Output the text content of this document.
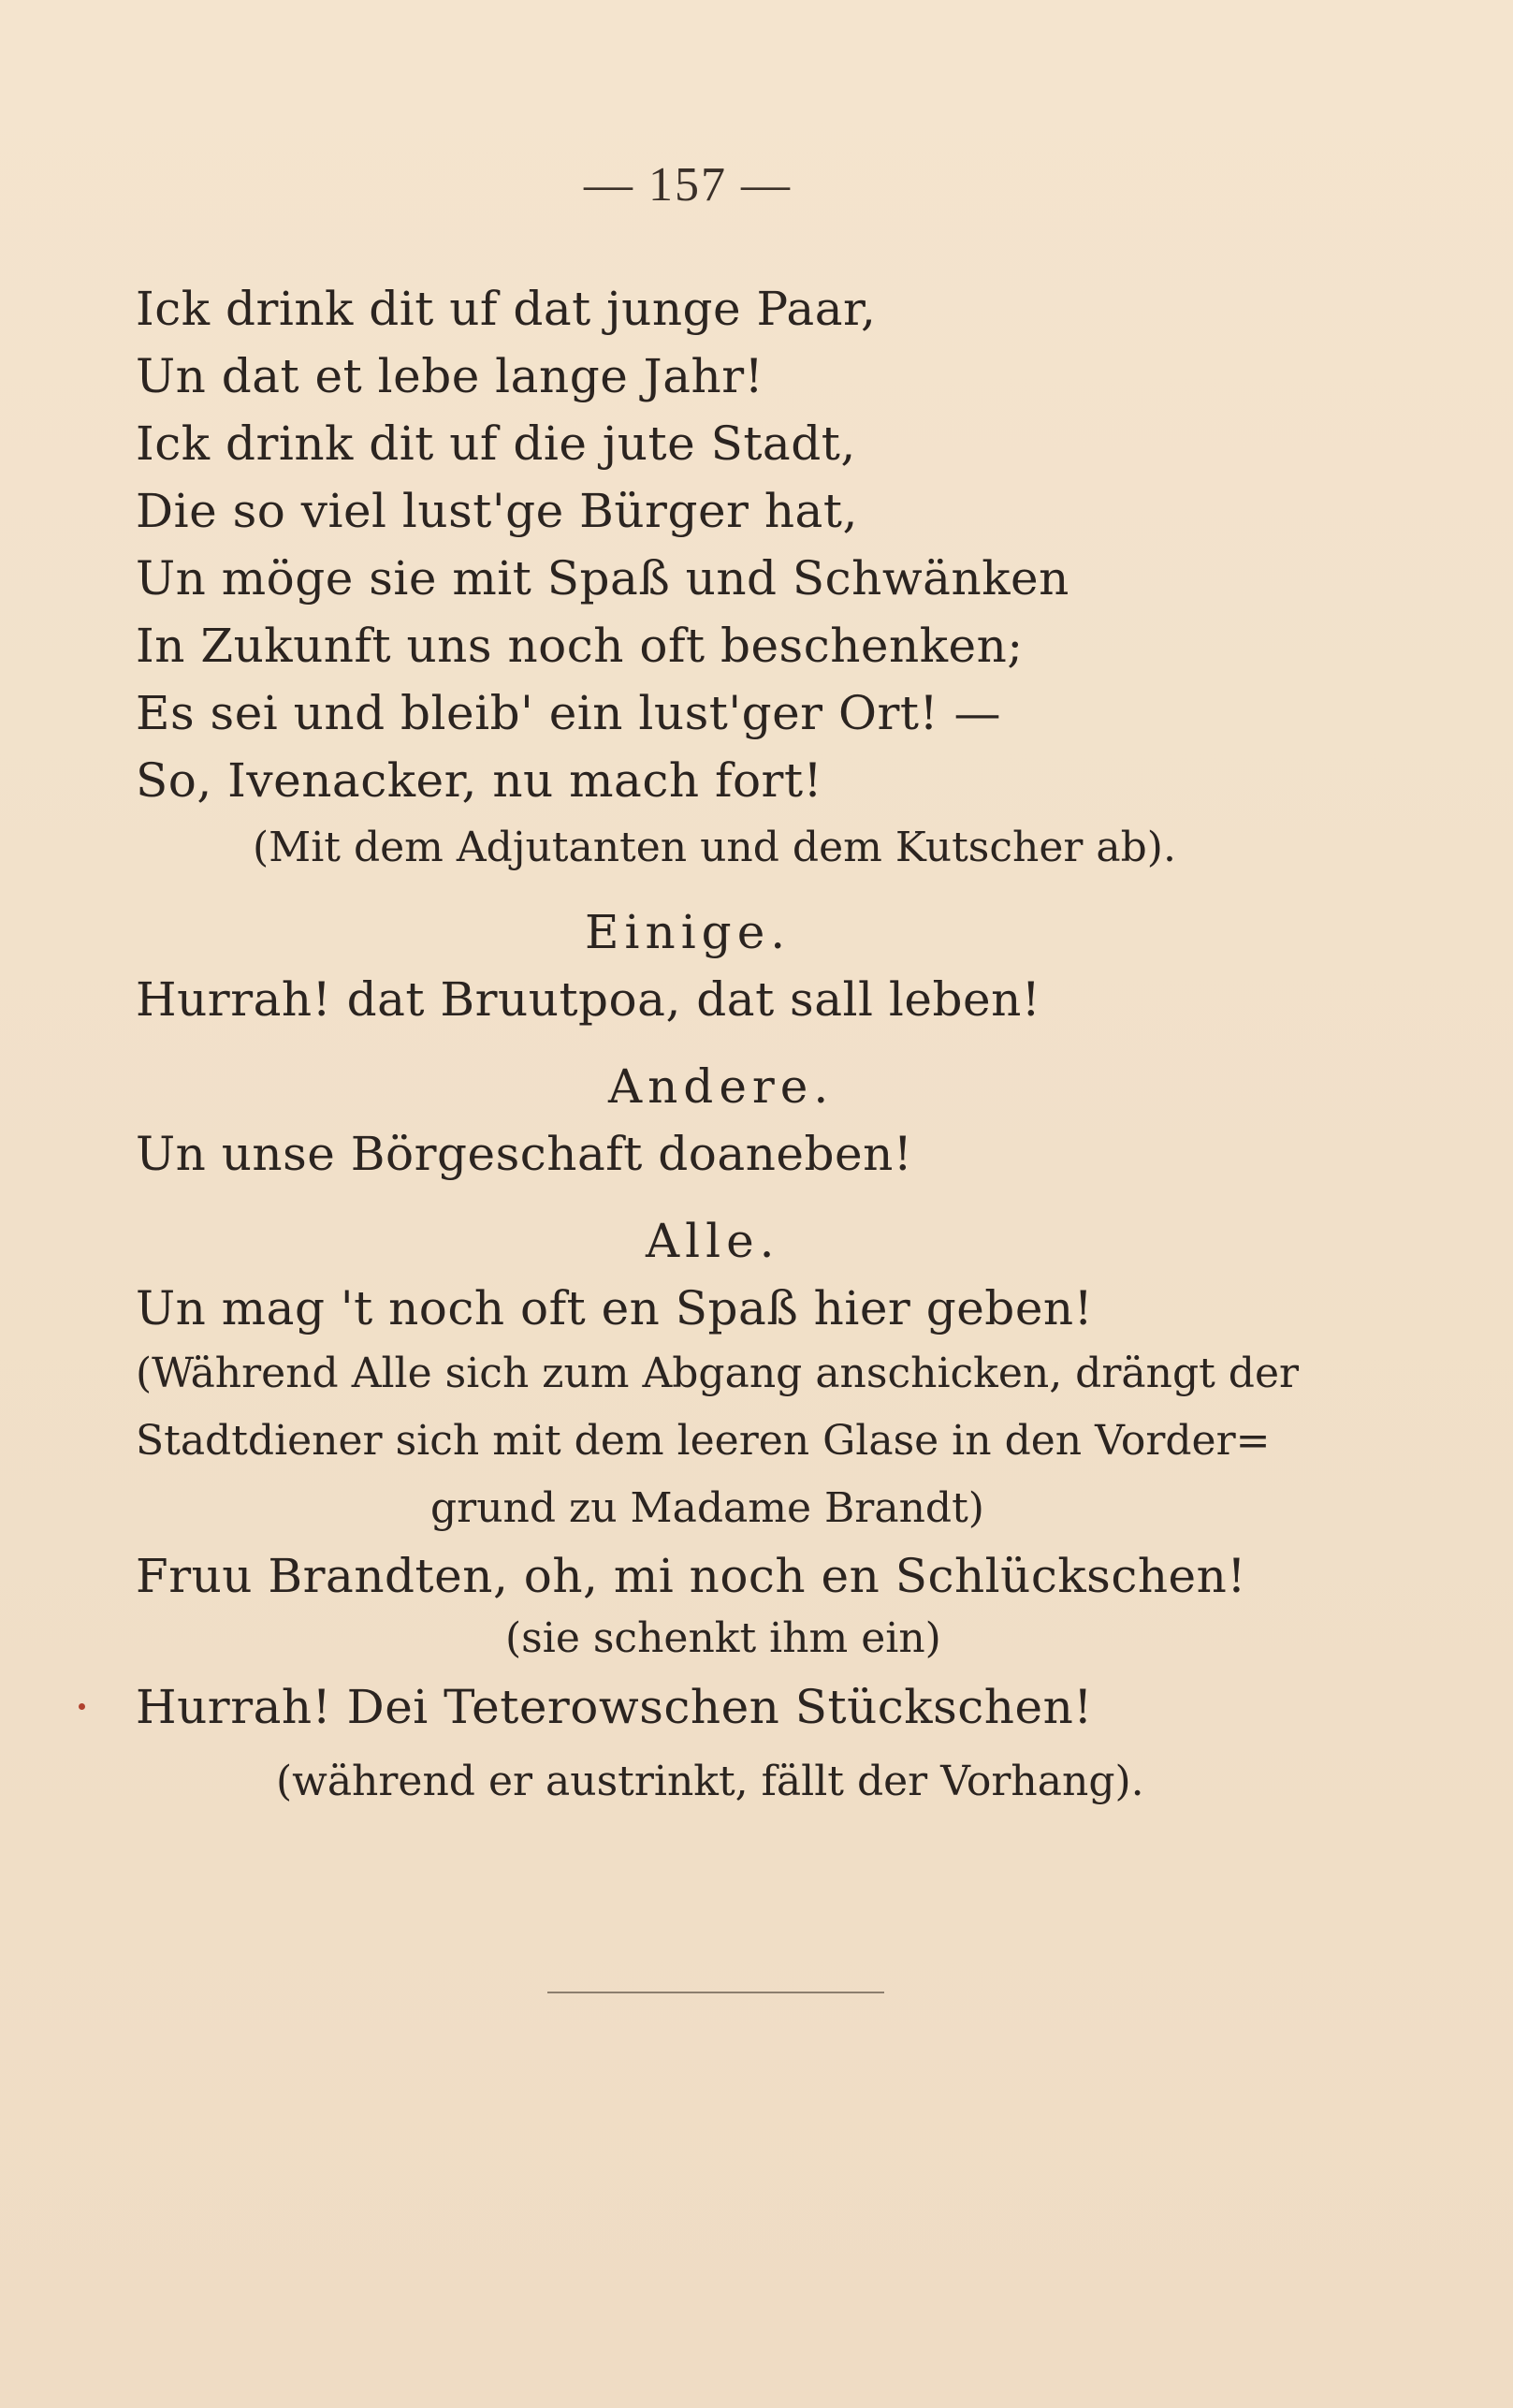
— 157 —
Ick drink dit uf dat junge Paar,
Un dat et lebe lange Jahr!
Ick drink dit uf die jute Stadt,
Die so viel lust'ge Bürger hat,
Un möge sie mit Spaß und Schwänken
In Zukunft uns noch oft beschenken;
Es sei und bleib' ein lust'ger Ort! —
So, Ivenacker, nu mach fort!
(Mit dem Adjutanten und dem Kutscher ab).
Einige.
Hurrah! dat Bruutpoa, dat sall leben!
Andere.
Un unse Börgeschaft doaneben!
Alle.
Un mag 't noch oft en Spaß hier geben!
(Während Alle sich zum Abgang anschicken, drängt der
Stadtdiener sich mit dem leeren Glase in den Vorder=
grund zu Madame Brandt)
Fruu Brandten, oh, mi noch en Schlückschen!
(sie schenkt ihm ein)
Hurrah! Dei Teterowschen Stückschen!
(während er austrinkt, fällt der Vorhang).
